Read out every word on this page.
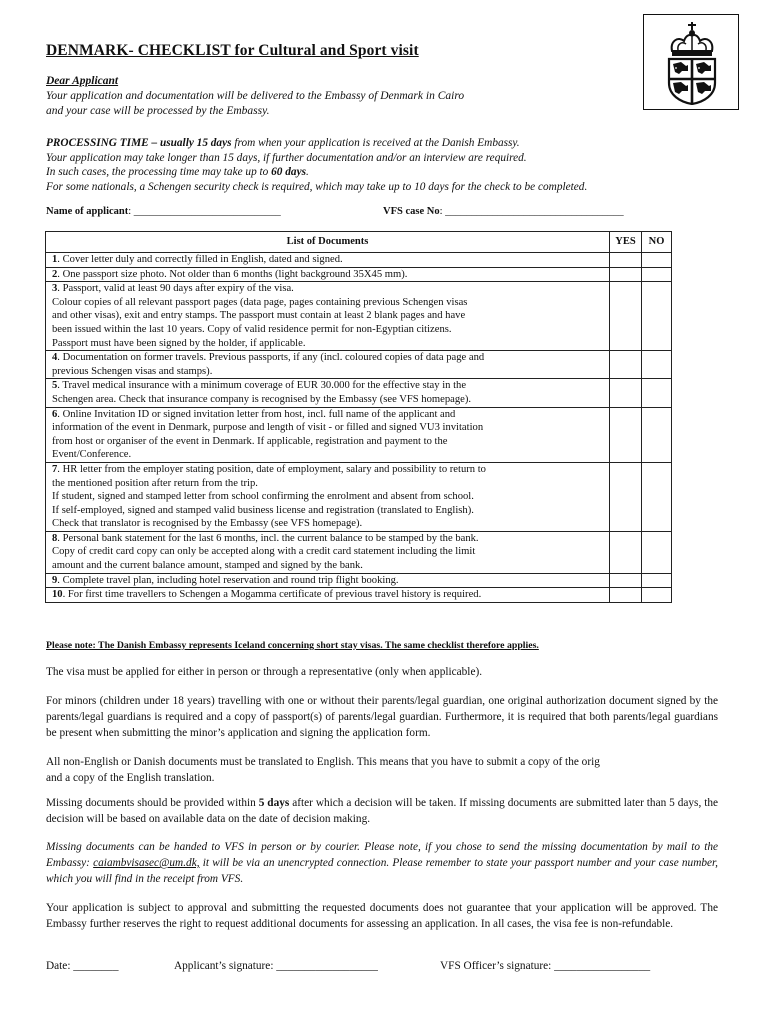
DENMARK- CHECKLIST for Cultural and Sport visit
Dear Applicant
Your application and documentation will be delivered to the Embassy of Denmark in Cairo
and your case will be processed by the Embassy.
PROCESSING TIME – usually 15 days from when your application is received at the Danish Embassy.
Your application may take longer than 15 days, if further documentation and/or an interview are required.
In such cases, the processing time may take up to 60 days.
For some nationals, a Schengen security check is required, which may take up to 10 days for the check to be completed.
Name of applicant: ____________________________	VFS case No: __________________________________
List of Documents	YES	NO
1. Cover letter duly and correctly filled in English, dated and signed.		
2. One passport size photo. Not older than 6 months (light background 35X45 mm).		
3. Passport, valid at least 90 days after expiry of the visa.
Colour copies of all relevant passport pages (data page, pages containing previous Schengen visas
and other visas), exit and entry stamps. The passport must contain at least 2 blank pages and have
been issued within the last 10 years. Copy of valid residence permit for non-Egyptian citizens.
Passport must have been signed by the holder, if applicable.		
4. Documentation on former travels. Previous passports, if any (incl. coloured copies of data page and
previous Schengen visas and stamps).		
5. Travel medical insurance with a minimum coverage of EUR 30.000 for the effective stay in the
Schengen area. Check that insurance company is recognised by the Embassy (see VFS homepage).		
6. Online Invitation ID or signed invitation letter from host, incl. full name of the applicant and
information of the event in Denmark, purpose and length of visit - or filled and signed VU3 invitation
from host or organiser of the event in Denmark. If applicable, registration and payment to the
Event/Conference.		
7. HR letter from the employer stating position, date of employment, salary and possibility to return to
the mentioned position after return from the trip.
If student, signed and stamped letter from school confirming the enrolment and absent from school.
If self-employed, signed and stamped valid business license and registration (translated to English).
Check that translator is recognised by the Embassy (see VFS homepage).

8. Personal bank statement for the last 6 months, incl. the current balance to be stamped by the bank.
Copy of credit card copy can only be accepted along with a credit card statement including the limit
amount and the current balance amount, stamped and signed by the bank.		
9. Complete travel plan, including hotel reservation and round trip flight booking.		
10. For first time travellers to Schengen a Mogamma certificate of previous travel history is required.		
Please note: The Danish Embassy represents Iceland concerning short stay visas. The same checklist therefore applies.
The visa must be applied for either in person or through a representative (only when applicable).
For minors (children under 18 years) travelling with one or without their parents/legal guardian, one original authorization document signed by the parents/legal guardians is required and a copy of passport(s) of parents/legal guardian. Furthermore, it is required that both parents/legal guardians be present when submitting the minor’s application and signing the application form.
All non-English or Danish documents must be translated to English. This means that you have to submit a copy of the orig
and a copy of the English translation.
Missing documents should be provided within 5 days after which a decision will be taken. If missing documents are submitted later than 5 days, the decision will be based on available data on the date of decision making.
Missing documents can be handed to VFS in person or by courier. Please note, if you chose to send the missing documentation by mail to the Embassy: caiambvisasec@um.dk, it will be via an unencrypted connection. Please remember to state your passport number and your case number, which you will find in the receipt from VFS.
Your application is subject to approval and submitting the requested documents does not guarantee that your application will be approved. The Embassy further reserves the right to request additional documents for assessing an application. In all cases, the visa fee is non-refundable.
Date: ________	Applicant’s signature: __________________	VFS Officer’s signature: _________________
